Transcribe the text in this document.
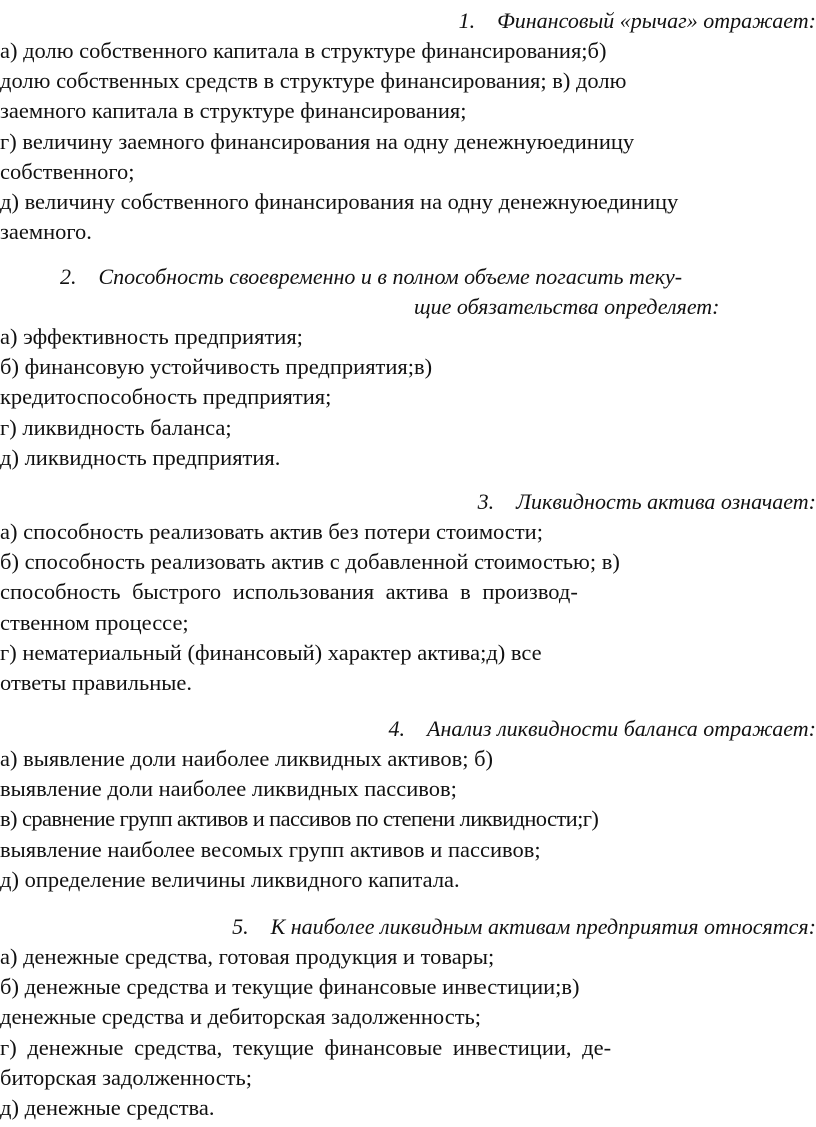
1. Финансовый «рычаг» отражает:

а) долю собственного капитала в структуре финансирования;б)

долю собственных средств в структуре финансирования; в) долю

заемного капитала в структуре финансирования;

г) величину заемного финансирования на одну денежнуюединицу

собственного;

д) величину собственного финансирования на одну денежнуюединицу

заемного.

2. Способность своевременно и в полном объеме погасить теку-

щие обязательства определяет:

а) эффективность предприятия;

б) финансовую устойчивость предприятия;в)

кредитоспособность предприятия;

г) ликвидность баланса;

д) ликвидность предприятия.

3. Ликвидность актива означает:

а) способность реализовать актив без потери стоимости;

б) способность реализовать актив с добавленной стоимостью; в)

способность быстрого использования актива в производ-

ственном процессе;

г) нематериальный (финансовый) характер актива;д) все

ответы правильные.

4. Анализ ликвидности баланса отражает:

а) выявление доли наиболее ликвидных активов; б)

выявление доли наиболее ликвидных пассивов;

в) сравнение групп активов и пассивов по степени ликвидности;г)

выявление наиболее весомых групп активов и пассивов;

д) определение величины ликвидного капитала.

5. К наиболее ликвидным активам предприятия относятся:

а) денежные средства, готовая продукция и товары;

б) денежные средства и текущие финансовые инвестиции;в)

денежные средства и дебиторская задолженность;

г) денежные средства, текущие финансовые инвестиции, де-

биторская задолженность;

д) денежные средства.
